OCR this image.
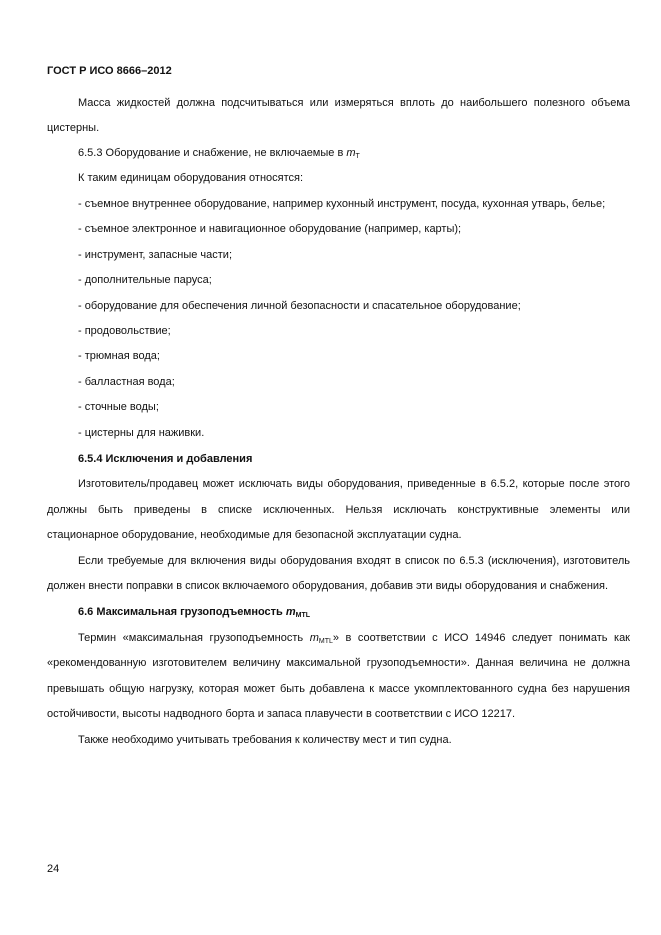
ГОСТ Р ИСО 8666–2012
Масса жидкостей должна подсчитываться или измеряться вплоть до наибольшего полезного объема
цистерны.
6.5.3 Оборудование и снабжение, не включаемые в $m_T$
К таким единицам оборудования относятся:
- съемное внутреннее оборудование, например кухонный инструмент, посуда, кухонная утварь, белье;
- съемное электронное и навигационное оборудование (например, карты);
- инструмент, запасные части;
- дополнительные паруса;
- оборудование для обеспечения личной безопасности и спасательное оборудование;
- продовольствие;
- трюмная вода;
- балластная вода;
- сточные воды;
- цистерны для наживки.
6.5.4 Исключения и добавления
Изготовитель/продавец может исключать виды оборудования, приведенные в 6.5.2, которые после этого
должны быть приведены в списке исключенных. Нельзя исключать конструктивные элементы или
стационарное оборудование, необходимые для безопасной эксплуатации судна.
Если требуемые для включения виды оборудования входят в список по 6.5.3 (исключения), изготовитель
должен внести поправки в список включаемого оборудования, добавив эти виды оборудования и снабжения.
6.6 Максимальная грузоподъемность $m_{MTL}$
Термин «максимальная грузоподъемность $m_{MTL}$» в соответствии с ИСО 14946 следует понимать как
«рекомендованную изготовителем величину максимальной грузоподъемности». Данная величина не должна
превышать общую нагрузку, которая может быть добавлена к массе укомплектованного судна без нарушения
остойчивости, высоты надводного борта и запаса плавучести в соответствии с ИСО 12217.
Также необходимо учитывать требования к количеству мест и тип судна.
24
